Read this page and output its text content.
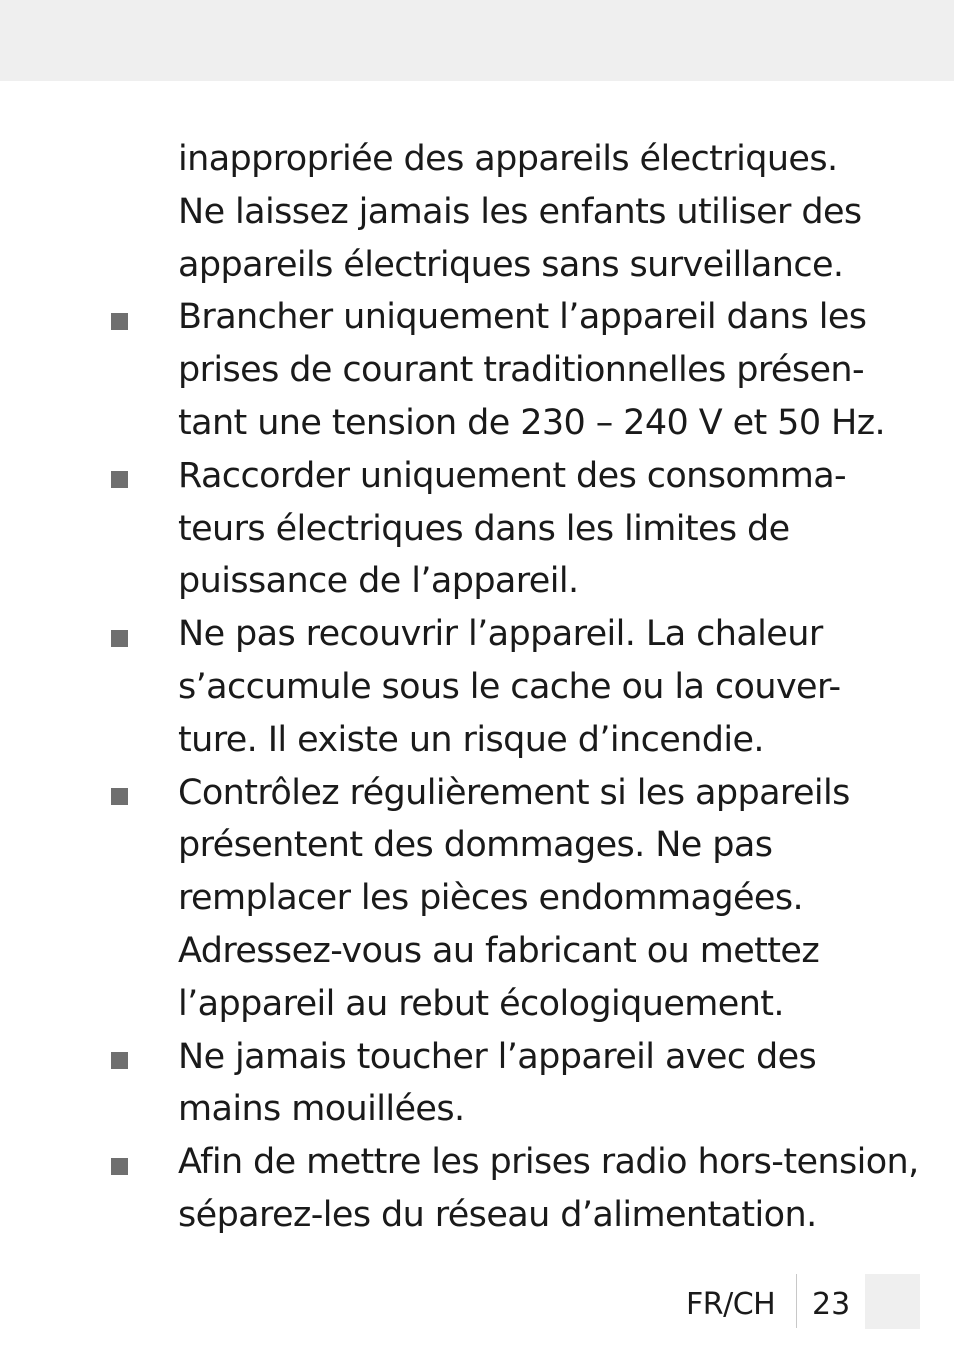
inappropriée des appareils électriques.
Ne laissez jamais les enfants utiliser des
appareils électriques sans surveillance.
Brancher uniquement l’appareil dans les
prises de courant traditionnelles présen-
tant une tension de 230 – 240 V et 50 Hz.
Raccorder uniquement des consomma-
teurs électriques dans les limites de
puissance de l’appareil.
Ne pas recouvrir l’appareil. La chaleur
s’accumule sous le cache ou la couver-
ture. Il existe un risque d’incendie.
Contrôlez régulièrement si les appareils
présentent des dommages. Ne pas
remplacer les pièces endommagées.
Adressez-vous au fabricant ou mettez
l’appareil au rebut écologiquement.
Ne jamais toucher l’appareil avec des
mains mouillées.
Afin de mettre les prises radio hors-tension,
séparez-les du réseau d’alimentation.
FR/CH 23
